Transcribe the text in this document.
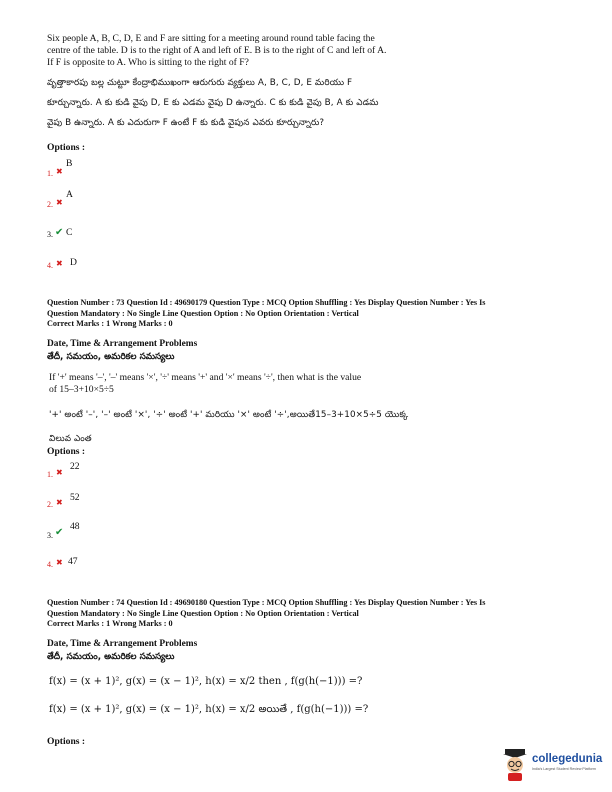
Six people A, B, C, D, E and F are sitting for a meeting around round table facing the
centre of the table. D is to the right of A and left of E. B is to the right of C and left of A.
If F is opposite to A. Who is sitting to the right of F?
వృత్తాకారపు బల్ల చుట్టూ కేంద్రాభిముఖంగా ఆరుగురు వ్యక్తులు A, B, C, D, E మరియు F
కూర్చున్నారు. A కు కుడి వైపు D, E కు ఎడమ వైపు D ఉన్నారు. C కు కుడి వైపు B, A కు ఎడమ
వైపు B ఉన్నారు. A కు ఎదురుగా F ఉంటే F కు కుడి వైపున ఎవరు కూర్చున్నారు?
Options :
1. ✖
B
2. ✖
A
3. ✔ C
4. ✖ D
Question Number : 73 Question Id : 49690179 Question Type : MCQ Option Shuffling : Yes Display Question Number : Yes Is
Question Mandatory : No Single Line Question Option : No Option Orientation : Vertical
Correct Marks : 1 Wrong Marks : 0
Date, Time & Arrangement Problems
తేదీ, సమయం, అమరికల సమస్యలు
If '+' means '–', '–' means '×', '÷' means '+' and '×' means '÷', then what is the value
of 15–3+10×5÷5
'+' అంటే '–', '–' అంటే '×', '÷' అంటే '+' మరియు '×' అంటే '÷',అయితే15–3+10×5÷5 యొక్క
విలువ ఎంత
Options :
1. ✖
22
2. ✖ 52
3. ✔
48
4. ✖ 47
Question Number : 74 Question Id : 49690180 Question Type : MCQ Option Shuffling : Yes Display Question Number : Yes Is
Question Mandatory : No Single Line Question Option : No Option Orientation : Vertical
Correct Marks : 1 Wrong Marks : 0
Date, Time & Arrangement Problems
తేదీ, సమయం, అమరికల సమస్యలు
f(x) = (x + 1)², g(x) = (x − 1)², h(x) = x/2 then , f(g(h(−1))) =?
f(x) = (x + 1)², g(x) = (x − 1)², h(x) = x/2 అయితే , f(g(h(−1))) =?
Options :
collegedunia
India's Largest Student Review Platform
